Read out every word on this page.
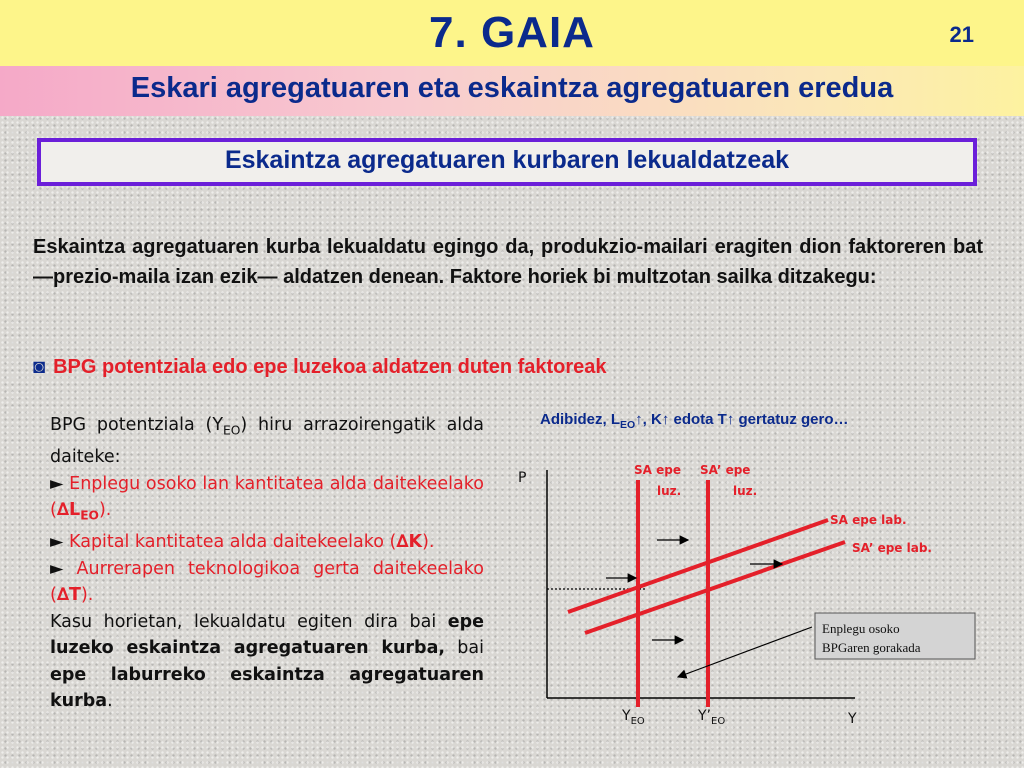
7. GAIA	21
Eskari agregatuaren eta eskaintza agregatuaren eredua
Eskaintza agregatuaren kurbaren lekualdatzeak
Eskaintza agregatuaren kurba lekualdatu egingo da, produkzio-mailari eragiten dion faktoreren bat —prezio-maila izan ezik— aldatzen denean. Faktore horiek bi multzotan sailka ditzakegu:
◙ BPG potentziala edo epe luzekoa aldatzen duten faktoreak
BPG potentziala $(Y_{EO})$ hiru arrazoirengatik alda daiteke:
► Enplegu osoko lan kantitatea alda daitekeelako $(\Delta L_{EO})$.
► Kapital kantitatea alda daitekeelako (∆K).
► Aurrerapen teknologikoa gerta daitekeelako (∆T).
Kasu horietan, lekualdatu egiten dira bai epe luzeko eskaintza agregatuaren kurba, bai epe laburreko eskaintza agregatuaren kurba.
Adibidez, $L_{EO}↑$, K↑ edota T↑ gertatuz gero…
P
Y
SA epe
luz.
SA’ epe
luz.
SA epe lab.
SA’ epe lab.
$Y_{EO}$	$Y’_{EO}$
Enplegu osoko
BPGaren gorakada
